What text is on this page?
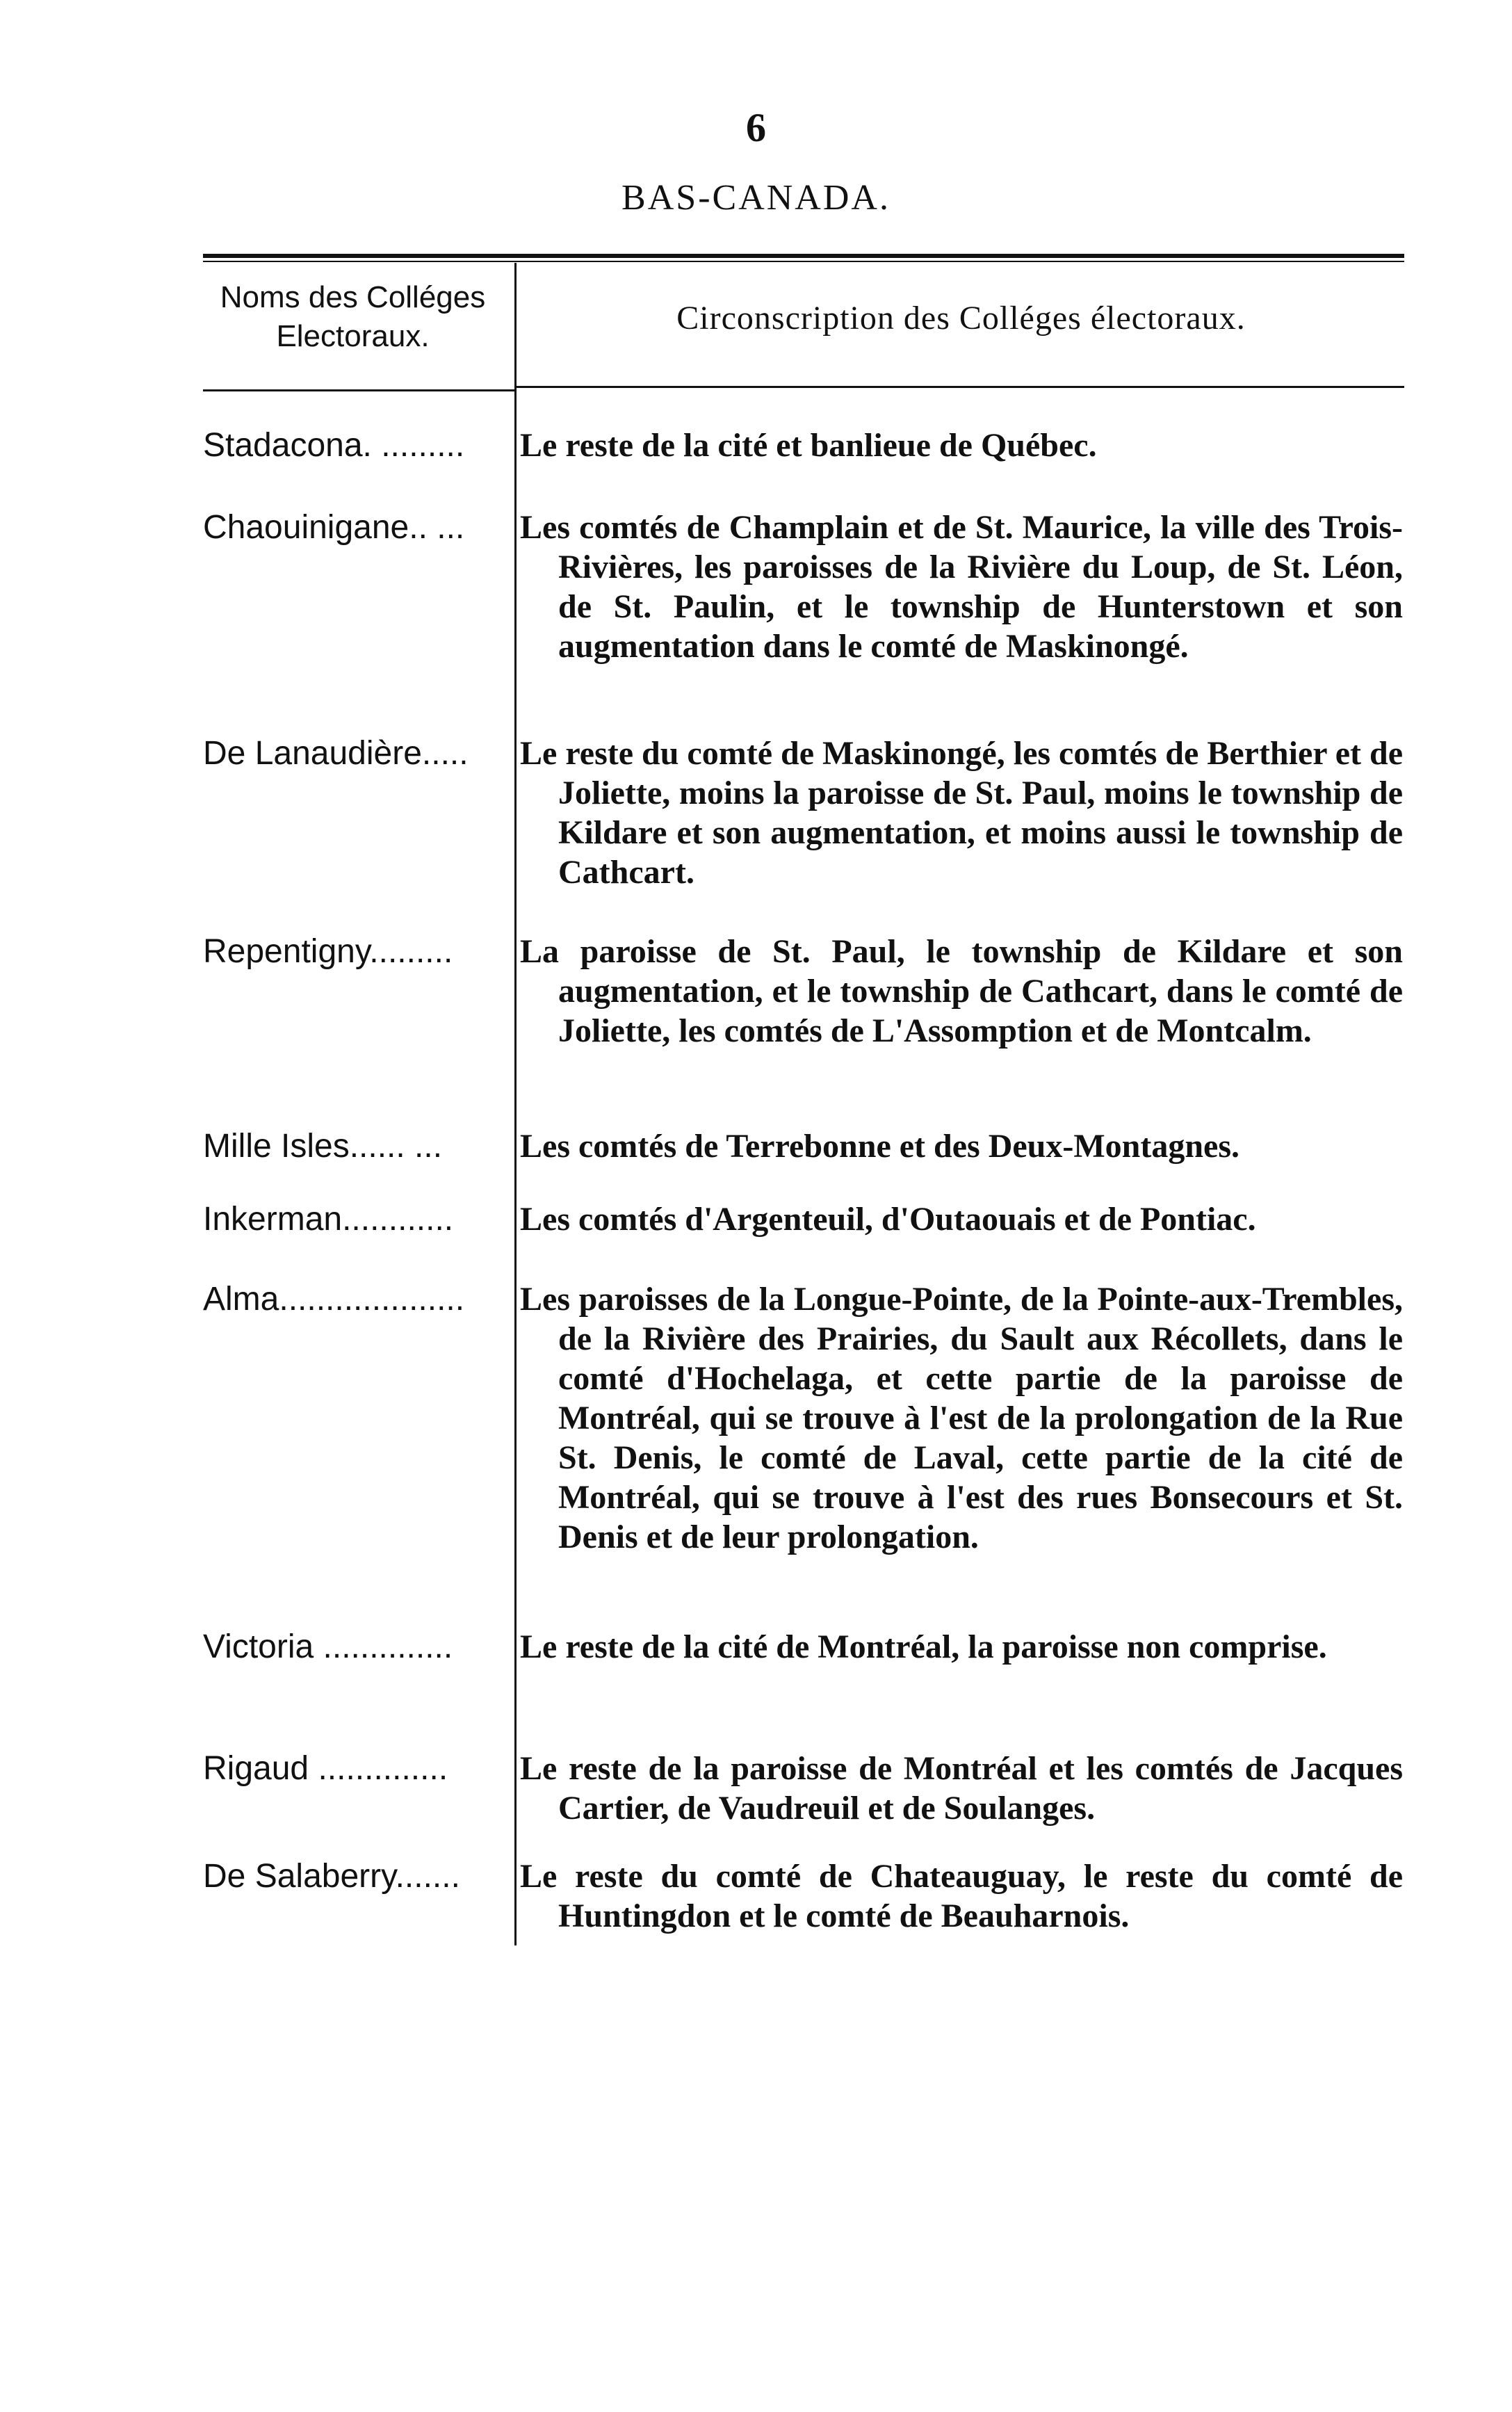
6
BAS-CANADA.
Noms des Colléges
Electoraux.	Circonscription des Colléges électoraux.
Stadacona. .........	Le reste de la cité et banlieue de Québec.
Chaouinigane.. ...	Les comtés de Champlain et de St. Maurice, la ville des Trois-Rivières, les paroisses de la Rivière du Loup, de St. Léon, de St. Paulin, et le township de Hunterstown et son augmentation dans le comté de Maskinongé.
De Lanaudière.....	Le reste du comté de Maskinongé, les comtés de Berthier et de Joliette, moins la paroisse de St. Paul, moins le township de Kildare et son augmentation, et moins aussi le township de Cathcart.
Repentigny.........	La paroisse de St. Paul, le township de Kildare et son augmentation, et le township de Cathcart, dans le comté de Joliette, les comtés de L'Assomption et de Montcalm.
Mille Isles...... ...	Les comtés de Terrebonne et des Deux-Montagnes.
Inkerman............	Les comtés d'Argenteuil, d'Outaouais et de Pontiac.
Alma....................	Les paroisses de la Longue-Pointe, de la Pointe-aux-Trembles, de la Rivière des Prairies, du Sault aux Récollets, dans le comté d'Hochelaga, et cette partie de la paroisse de Montréal, qui se trouve à l'est de la prolongation de la Rue St. Denis, le comté de Laval, cette partie de la cité de Montréal, qui se trouve à l'est des rues Bonsecours et St. Denis et de leur prolongation.
Victoria ..............	Le reste de la cité de Montréal, la paroisse non comprise.
Rigaud ..............	Le reste de la paroisse de Montréal et les comtés de Jacques Cartier, de Vaudreuil et de Soulanges.
De Salaberry.......	Le reste du comté de Chateauguay, le reste du comté de Huntingdon et le comté de Beauharnois.
